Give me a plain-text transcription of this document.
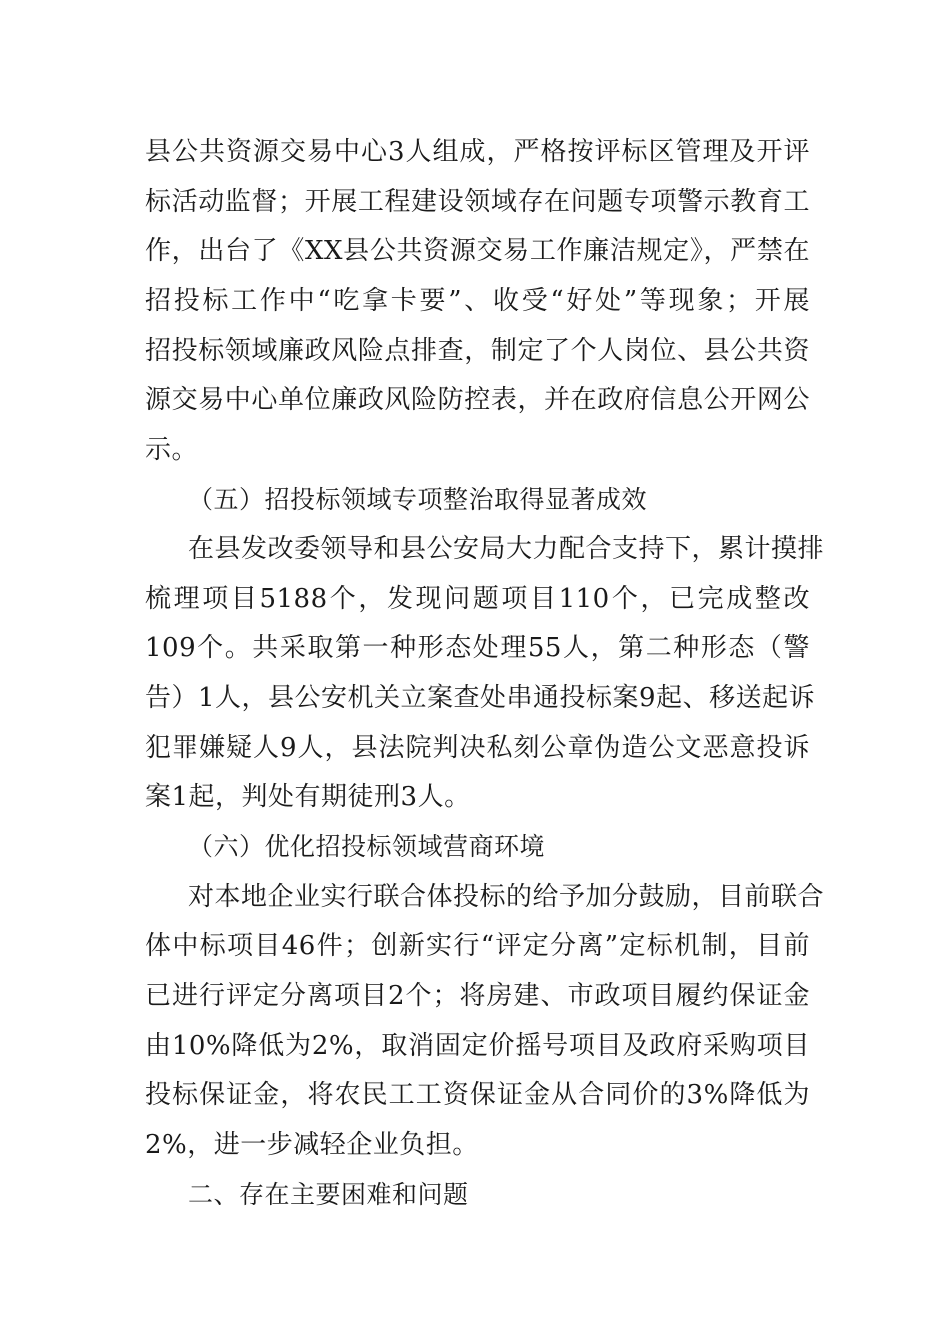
县公共资源交易中心3人组成，严格按评标区管理及开评
标活动监督；开展工程建设领域存在问题专项警示教育工
作，出台了《XX县公共资源交易工作廉洁规定》，严禁在
招投标工作中“吃拿卡要”、收受“好处”等现象；开展
招投标领域廉政风险点排查，制定了个人岗位、县公共资
源交易中心单位廉政风险防控表，并在政府信息公开网公
示。
（五）招投标领域专项整治取得显著成效
在县发改委领导和县公安局大力配合支持下，累计摸排
梳理项目5188个，发现问题项目110个，已完成整改
109个。共采取第一种形态处理55人，第二种形态（警
告）1人，县公安机关立案查处串通投标案9起、移送起诉
犯罪嫌疑人9人，县法院判决私刻公章伪造公文恶意投诉
案1起，判处有期徒刑3人。
（六）优化招投标领域营商环境
对本地企业实行联合体投标的给予加分鼓励，目前联合
体中标项目46件；创新实行“评定分离”定标机制，目前
已进行评定分离项目2个；将房建、市政项目履约保证金
由10%降低为2%，取消固定价摇号项目及政府采购项目
投标保证金，将农民工工资保证金从合同价的3%降低为
2%，进一步减轻企业负担。
二、存在主要困难和问题
